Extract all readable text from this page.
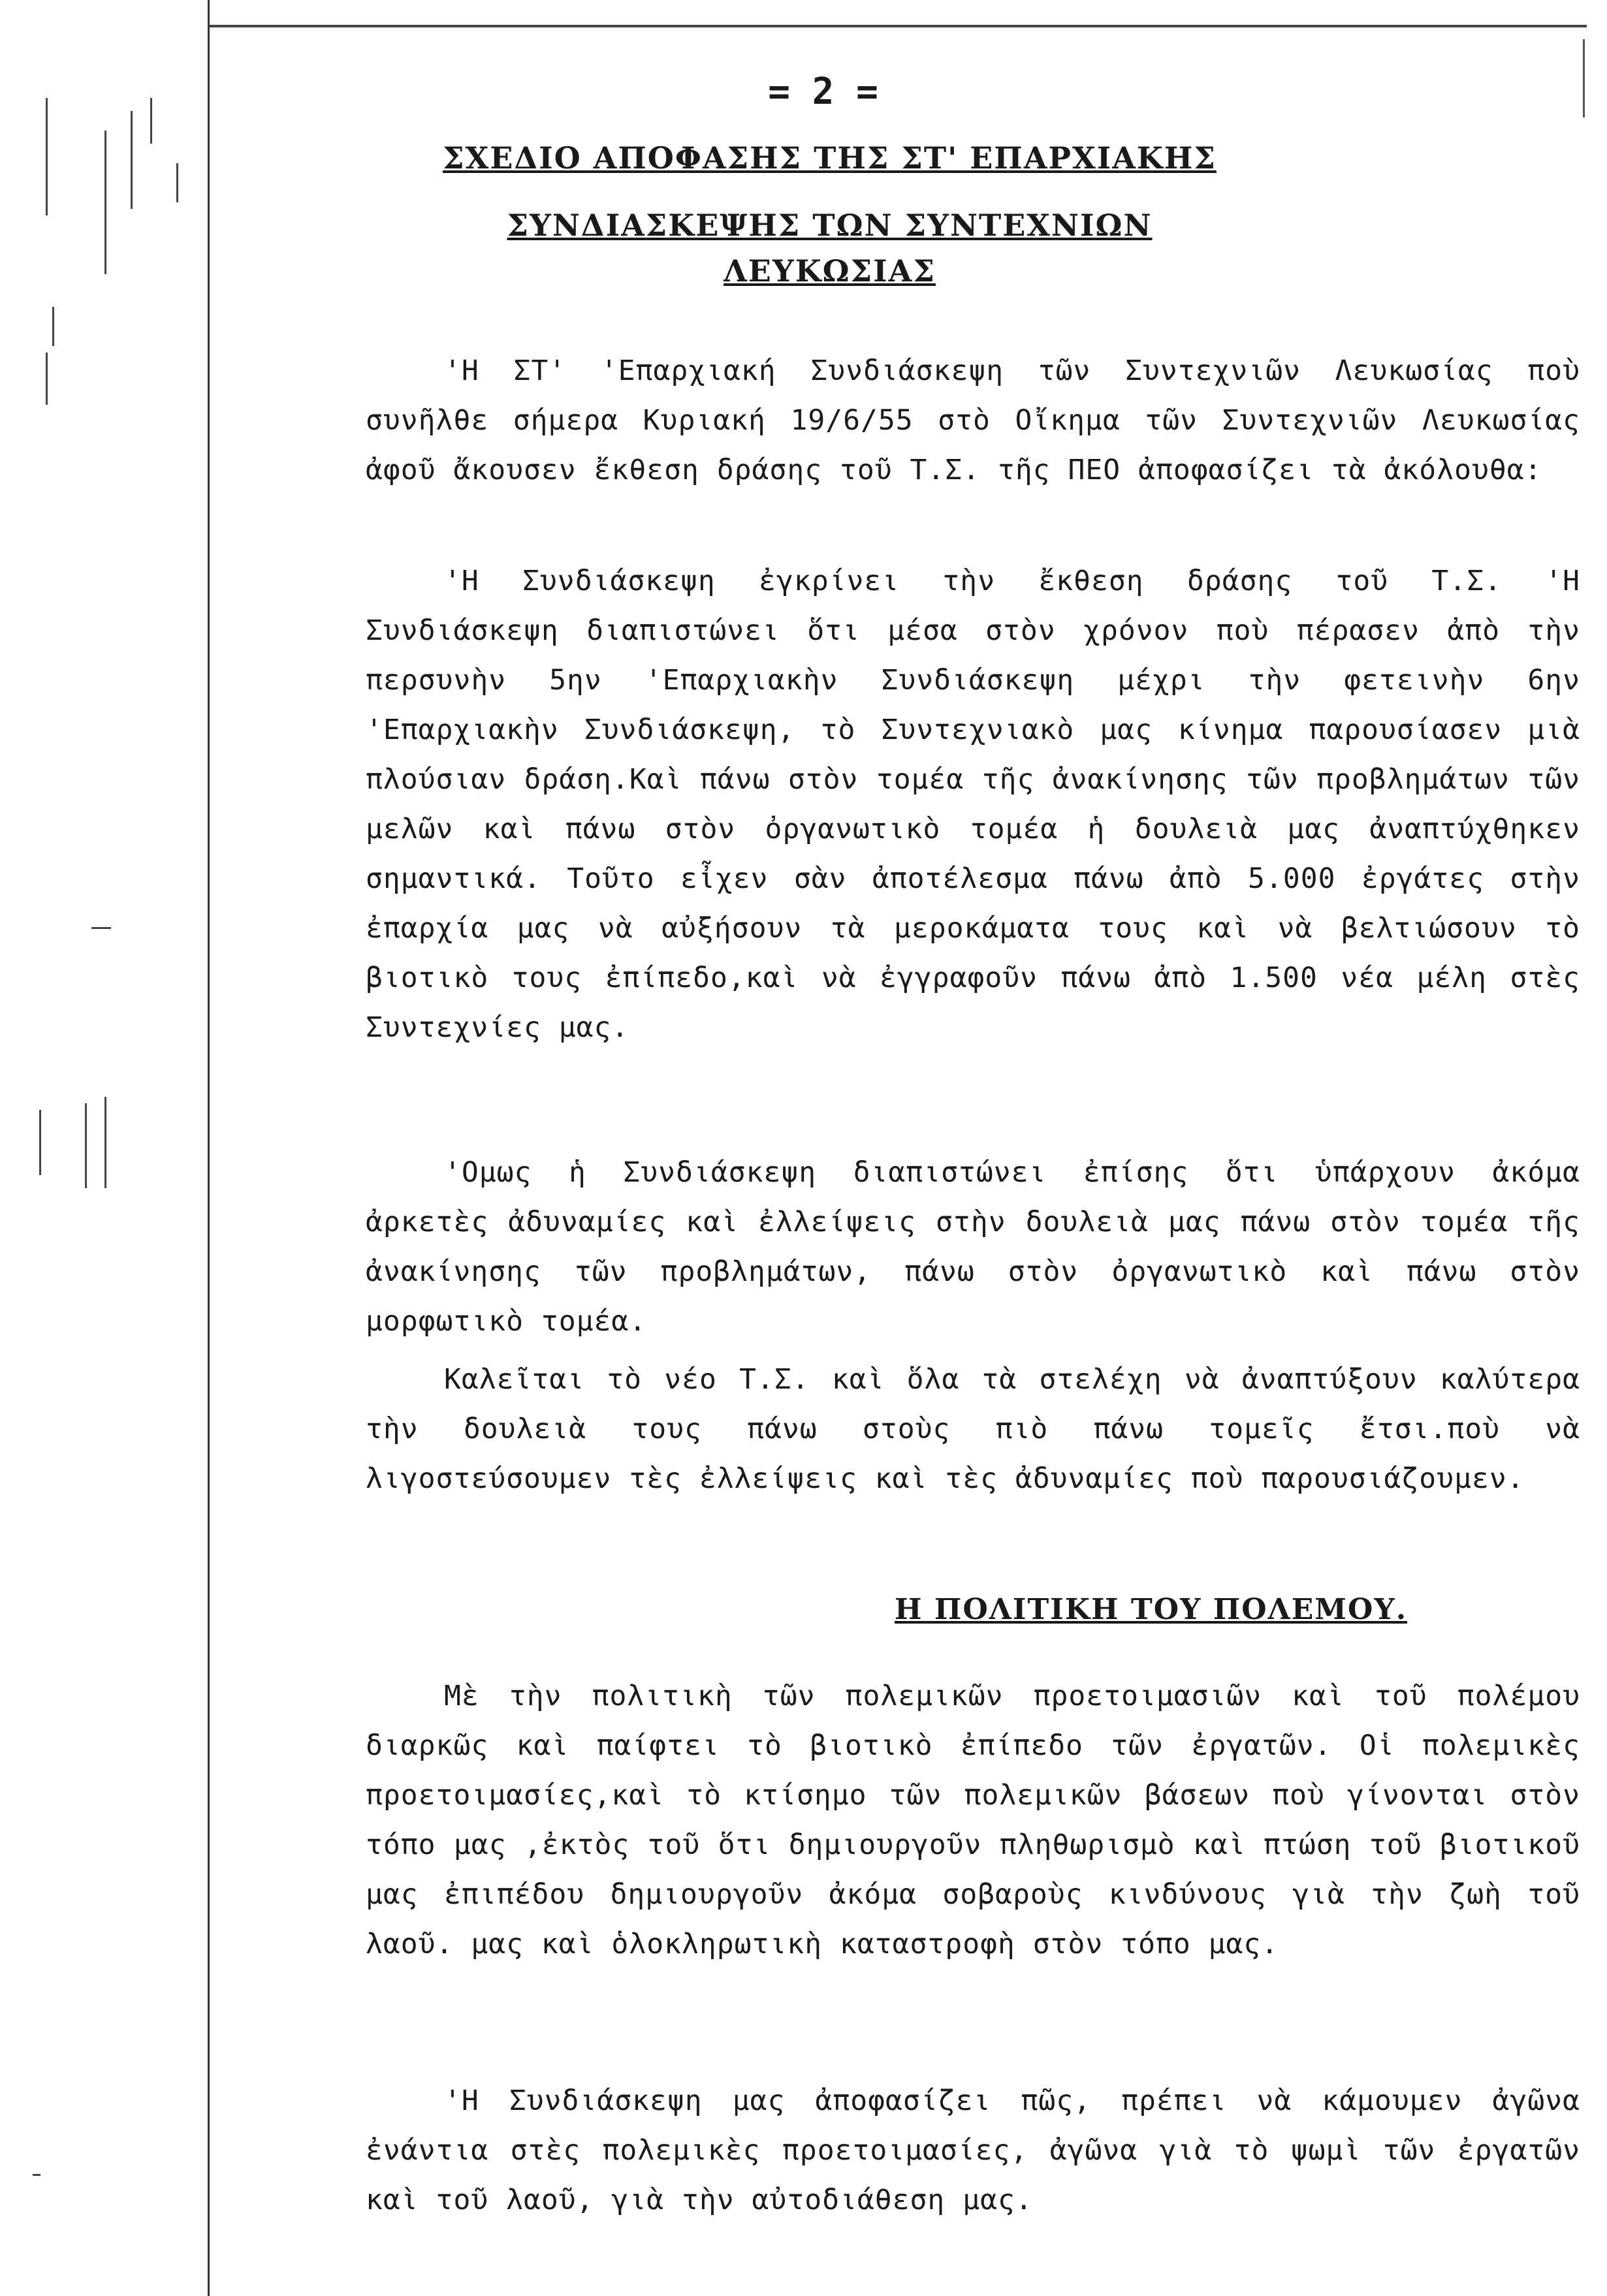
= 2 =
ΣΧΕΔΙΟ ΑΠΟΦΑΣΗΣ ΤΗΣ ΣΤ' ΕΠΑΡΧΙΑΚΗΣ
ΣΥΝΔΙΑΣΚΕΨΗΣ ΤΩΝ ΣΥΝΤΕΧΝΙΩΝ
ΛΕΥΚΩΣΙΑΣ

'Η ΣΤ' 'Επαρχιακή Συνδιάσκεψη τῶν Συντεχνιῶν Λευκωσίας ποὺ συνῆλθε σήμερα Κυριακή 19/6/55 στὸ Οἴκημα τῶν Συντεχνιῶν Λευκωσίας ἀφοῦ ἄκουσεν ἔκθεση δράσης τοῦ Τ.Σ. τῆς ΠΕΟ ἀποφασίζει τὰ ἀκόλουθα:

'Η Συνδιάσκεψη ἐγκρίνει τὴν ἔκθεση δράσης τοῦ Τ.Σ. 'Η Συνδιάσκεψη διαπιστώνει ὅτι μέσα στὸν χρόνον ποὺ πέρασεν ἀπὸ τὴν περσυνὴν 5ην 'Επαρχιακὴν Συνδιάσκεψη μέχρι τὴν φετεινὴν 6ην 'Επαρχιακὴν Συνδιάσκεψη, τὸ Συντεχνιακὸ μας κίνημα παρουσίασεν μιὰ πλούσιαν δράση.Καὶ πάνω στὸν τομέα τῆς ἀνακίνησης τῶν προβλημάτων τῶν μελῶν καὶ πάνω στὸν ὀργανωτικὸ τομέα ἡ δουλειὰ μας ἀναπτύχθηκεν σημαντικά. Τοῦτο εἶχεν σὰν ἀποτέλεσμα πάνω ἀπὸ 5.000 ἐργάτες στὴν ἐπαρχία μας νὰ αὐξήσουν τὰ μεροκάματα τους καὶ νὰ βελτιώσουν τὸ βιοτικὸ τους ἐπίπεδο,καὶ νὰ ἐγγραφοῦν πάνω ἀπὸ 1.500 νέα μέλη στὲς Συντεχνίες μας.

'Ομως ἡ Συνδιάσκεψη διαπιστώνει ἐπίσης ὅτι ὑπάρχουν ἀκόμα ἀρκετὲς ἀδυναμίες καὶ ἐλλείψεις στὴν δουλειὰ μας πάνω στὸν τομέα τῆς ἀνακίνησης τῶν προβλημάτων, πάνω στὸν ὀργανωτικὸ καὶ πάνω στὸν μορφωτικὸ τομέα.

Καλεῖται τὸ νέο Τ.Σ. καὶ ὅλα τὰ στελέχη νὰ ἀναπτύξουν καλύτερα τὴν δουλειὰ τους πάνω στοὺς πιὸ πάνω τομεῖς ἔτσι.ποὺ νὰ λιγοστεύσουμεν τὲς ἐλλείψεις καὶ τὲς ἀδυναμίες ποὺ παρουσιάζουμεν.

Η ΠΟΛΙΤΙΚΗ ΤΟΥ ΠΟΛΕΜΟΥ.

Μὲ τὴν πολιτικὴ τῶν πολεμικῶν προετοιμασιῶν καὶ τοῦ πολέμου διαρκῶς καὶ παίφτει τὸ βιοτικὸ ἐπίπεδο τῶν ἐργατῶν. Οἱ πολεμικὲς προετοιμασίες,καὶ τὸ κτίσημο τῶν πολεμικῶν βάσεων ποὺ γίνονται στὸν τόπο μας ,ἐκτὸς τοῦ ὅτι δημιουργοῦν πληθωρισμὸ καὶ πτώση τοῦ βιοτικοῦ μας ἐπιπέδου δημιουργοῦν ἀκόμα σοβαροὺς κινδύνους γιὰ τὴν ζωὴ τοῦ λαοῦ. μας καὶ ὁλοκληρωτικὴ καταστροφὴ στὸν τόπο μας.

'Η Συνδιάσκεψη μας ἀποφασίζει πῶς, πρέπει νὰ κάμουμεν ἀγῶνα ἐνάντια στὲς πολεμικὲς προετοιμασίες, ἀγῶνα γιὰ τὸ ψωμὶ τῶν ἐργατῶν καὶ τοῦ λαοῦ, γιὰ τὴν αὐτοδιάθεση μας.
